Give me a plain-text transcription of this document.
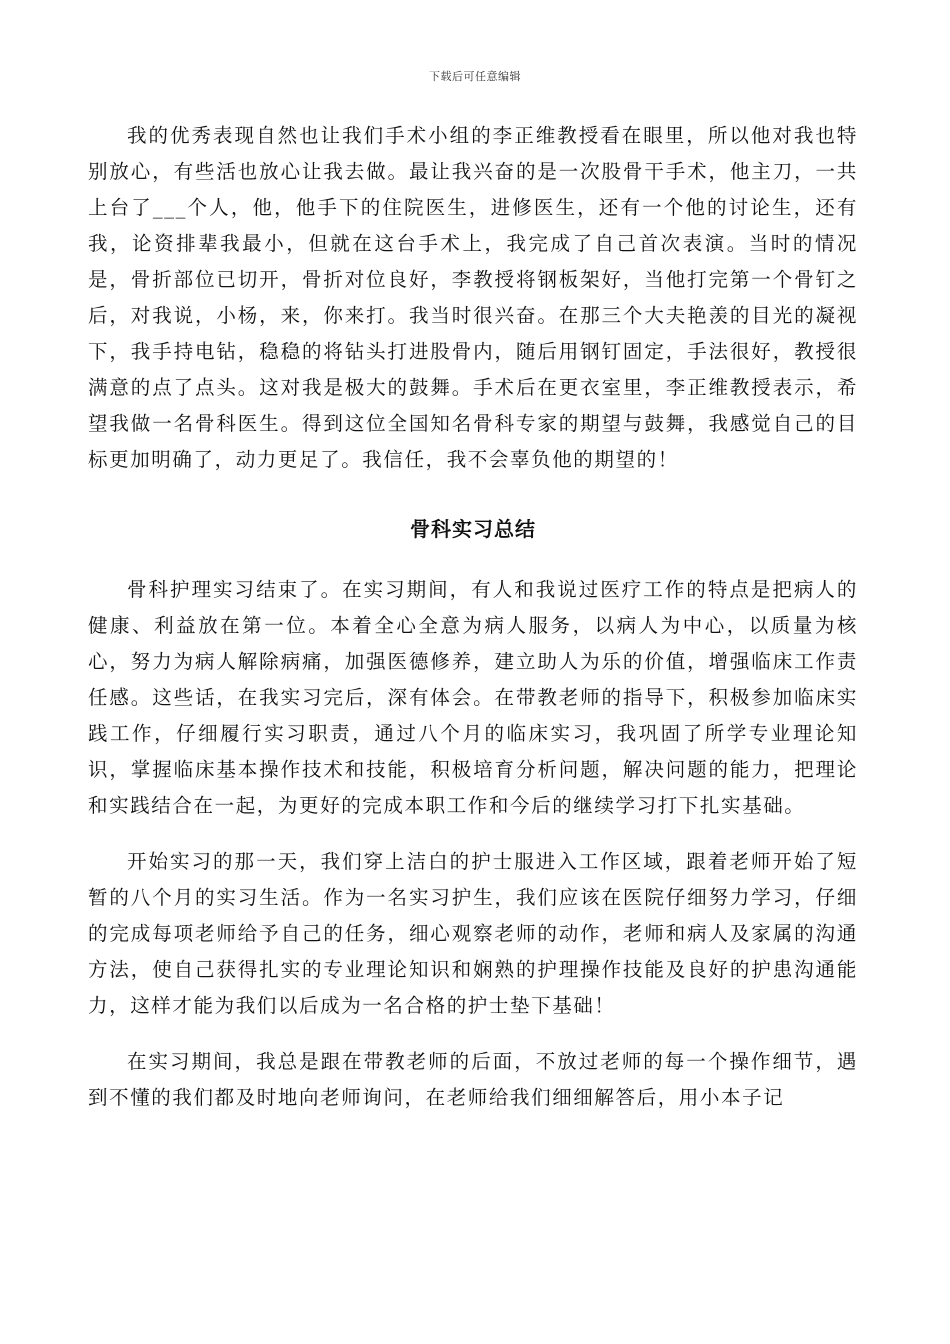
下载后可任意编辑

我的优秀表现自然也让我们手术小组的李正维教授看在眼里，所以他对我也特别放心，有些活也放心让我去做。最让我兴奋的是一次股骨干手术，他主刀，一共上台了___个人，他，他手下的住院医生，进修医生，还有一个他的讨论生，还有我，论资排辈我最小，但就在这台手术上，我完成了自己首次表演。当时的情况是，骨折部位已切开，骨折对位良好，李教授将钢板架好，当他打完第一个骨钉之后，对我说，小杨，来，你来打。我当时很兴奋。在那三个大夫艳羡的目光的凝视下，我手持电钻，稳稳的将钻头打进股骨内，随后用钢钉固定，手法很好，教授很满意的点了点头。这对我是极大的鼓舞。手术后在更衣室里，李正维教授表示，希望我做一名骨科医生。得到这位全国知名骨科专家的期望与鼓舞，我感觉自己的目标更加明确了，动力更足了。我信任，我不会辜负他的期望的！

骨科实习总结

骨科护理实习结束了。在实习期间，有人和我说过医疗工作的特点是把病人的健康、利益放在第一位。本着全心全意为病人服务，以病人为中心，以质量为核心，努力为病人解除病痛，加强医德修养，建立助人为乐的价值，增强临床工作责任感。这些话，在我实习完后，深有体会。在带教老师的指导下，积极参加临床实践工作，仔细履行实习职责，通过八个月的临床实习，我巩固了所学专业理论知识，掌握临床基本操作技术和技能，积极培育分析问题，解决问题的能力，把理论和实践结合在一起，为更好的完成本职工作和今后的继续学习打下扎实基础。

开始实习的那一天，我们穿上洁白的护士服进入工作区域，跟着老师开始了短暂的八个月的实习生活。作为一名实习护生，我们应该在医院仔细努力学习，仔细的完成每项老师给予自己的任务，细心观察老师的动作，老师和病人及家属的沟通方法，使自己获得扎实的专业理论知识和娴熟的护理操作技能及良好的护患沟通能力，这样才能为我们以后成为一名合格的护士垫下基础！

在实习期间，我总是跟在带教老师的后面，不放过老师的每一个操作细节，遇到不懂的我们都及时地向老师询问，在老师给我们细细解答后，用小本子记
